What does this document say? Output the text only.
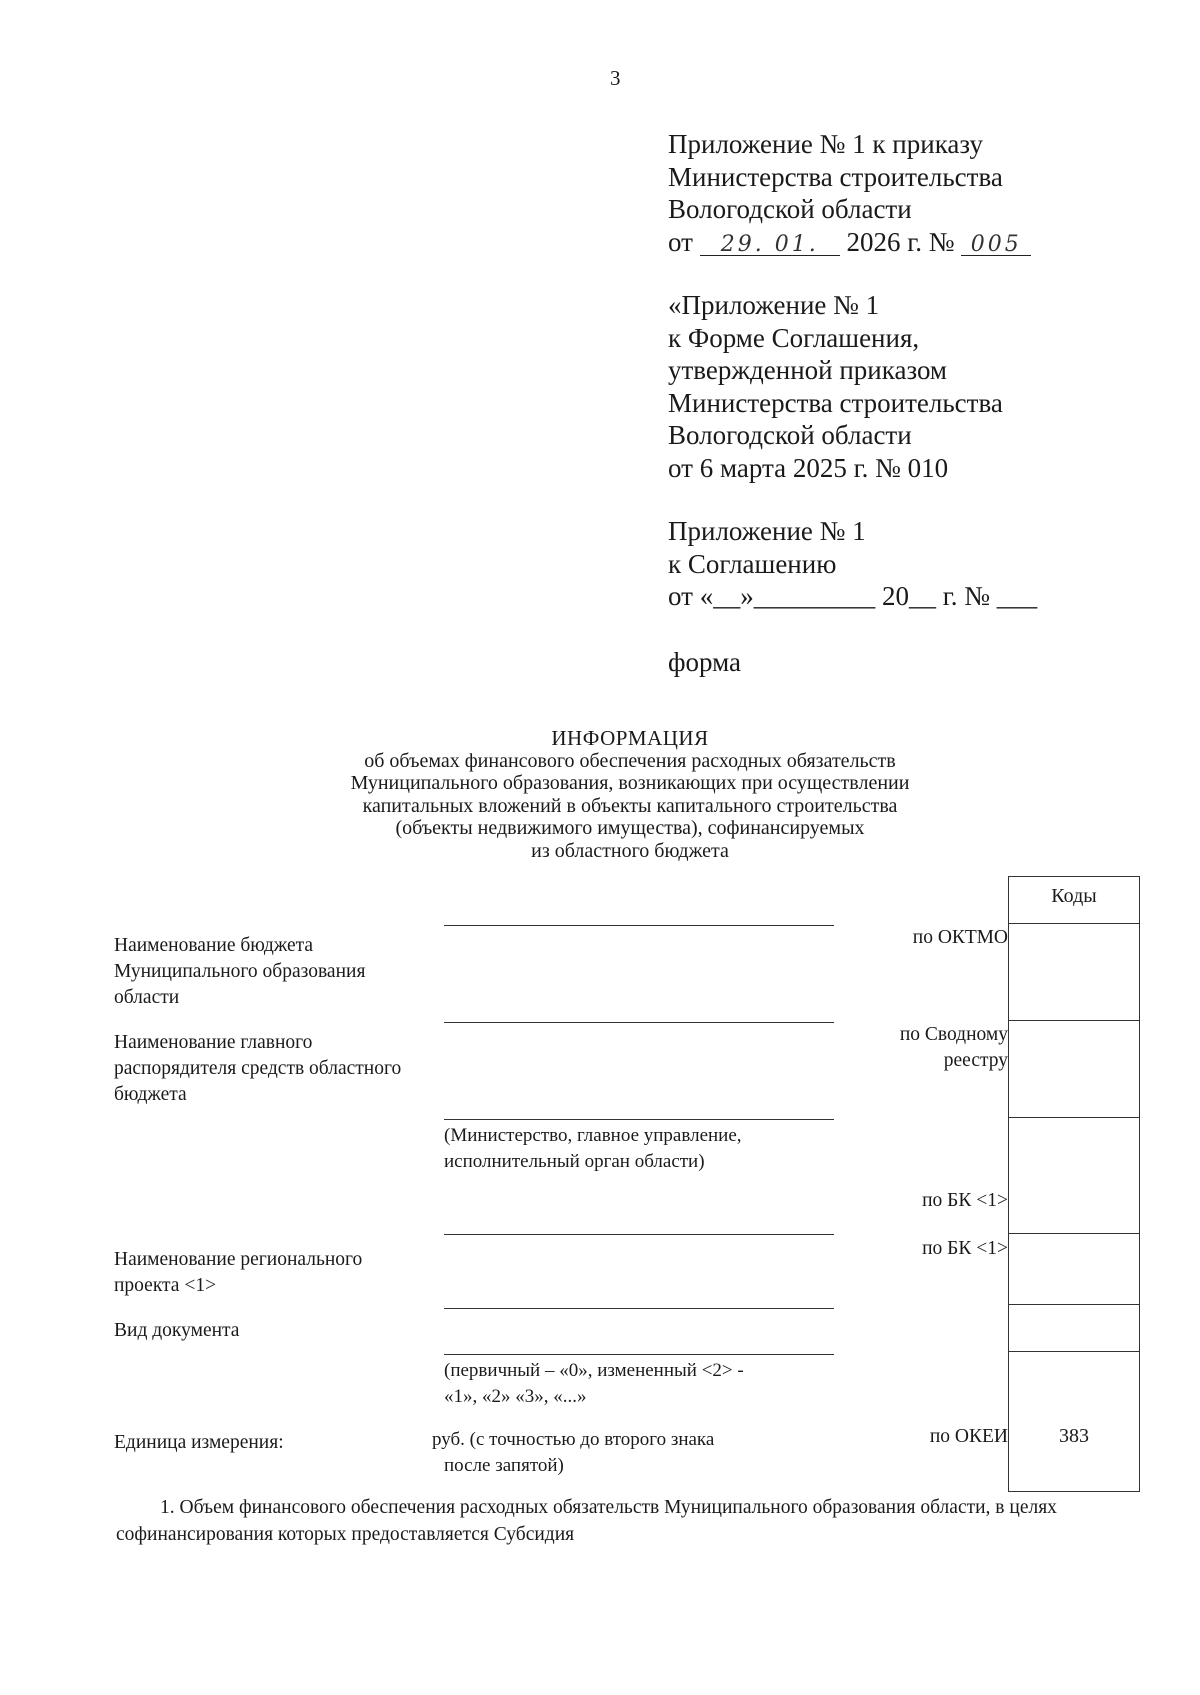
3
Приложение № 1 к приказу
Министерства строительства
Вологодской области
от 29. 01. 2026 г. № 005
«Приложение № 1
к Форме Соглашения,
утвержденной приказом
Министерства строительства
Вологодской области
от 6 марта 2025 г. № 010
Приложение № 1
к Соглашению
от «__»_________ 20__ г. № ___
форма
ИНФОРМАЦИЯ
об объемах финансового обеспечения расходных обязательств
Муниципального образования, возникающих при осуществлении
капитальных вложений в объекты капитального строительства
(объекты недвижимого имущества), софинансируемых
из областного бюджета
Коды
383
Наименование бюджета
Муниципального образования
области
Наименование главного
распорядителя средств областного
бюджета
Наименование регионального
проекта <1>
Вид документа
Единица измерения:
(Министерство, главное управление,
исполнительный орган области)
(первичный – «0», измененный <2> -
«1», «2» «3», «...»
руб. (с точностью до второго знака
после запятой)
по ОКТМО
по Сводному
реестру
по БК <1>
по БК <1>
по ОКЕИ
1. Объем финансового обеспечения расходных обязательств Муниципального образования области, в целях софинансирования которых предоставляется Субсидия
